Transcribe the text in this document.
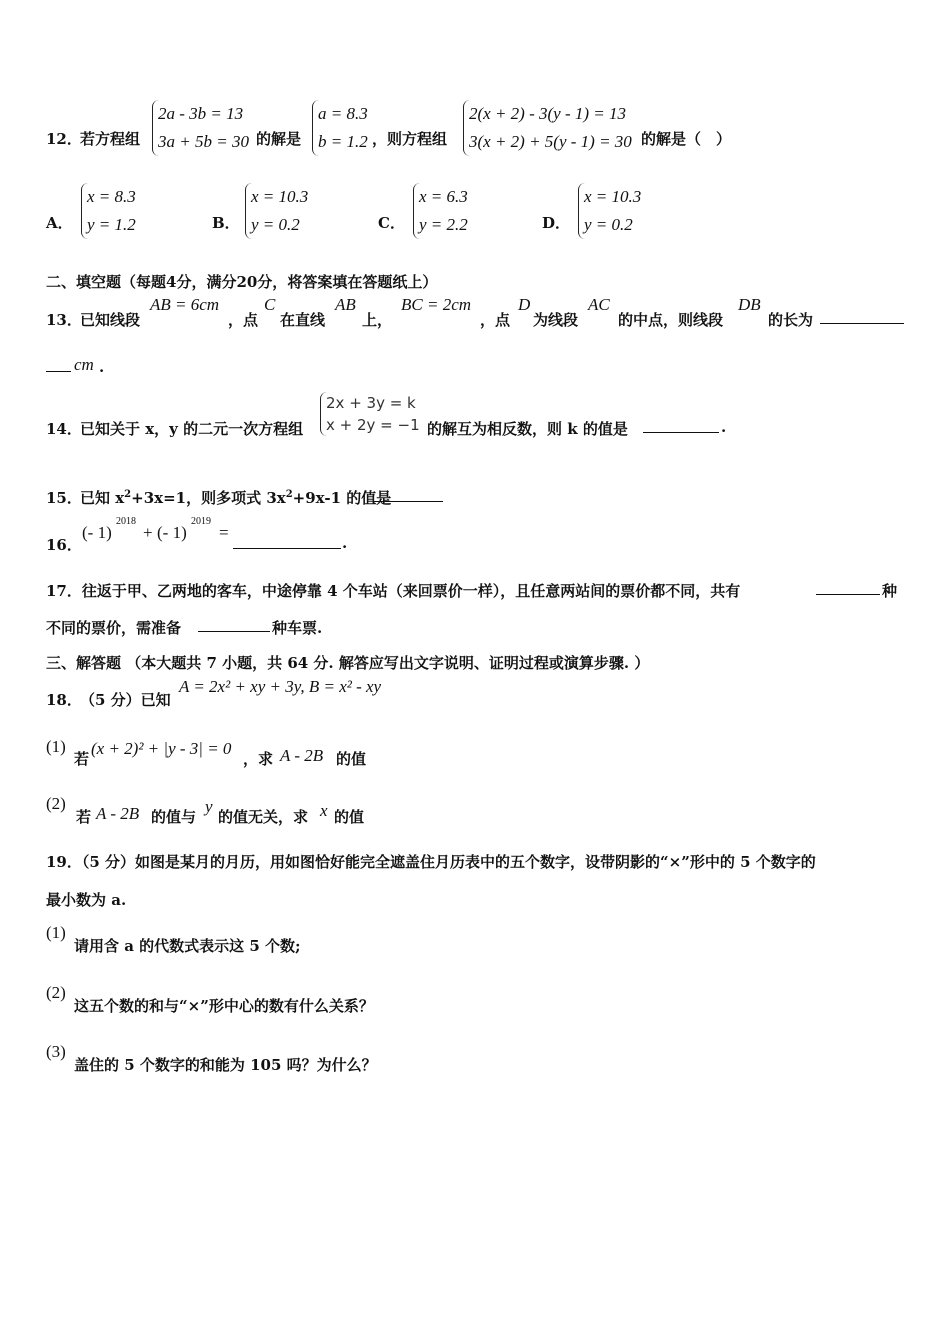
12．
若方程组
2a - 3b = 13
3a + 5b = 30 的解是
a = 8.3
b = 1.2 ，则方程组
2(x + 2) - 3(y - 1) = 13
3(x + 2) + 5(y - 1) = 30 的解是（　）
A．
x = 8.3
y = 1.2	B．
x = 10.3
y = 0.2	C．
x = 6.3
y = 2.2	D．
x = 10.3
y = 0.2
二、填空题（每题4分，满分20分，将答案填在答题纸上）
13．
已知线段
AB = 6cm
，点
C
在直线
AB
上，
BC = 2cm
，点
D
为线段
AC
的中点，则线段
DB
的长为
cm .
14．
已知关于 x，y 的二元一次方程组
2x + 3y = k
x + 2y = −1 的解互为相反数，则 k 的值是	.
15．
已知 $x^2+3x=1$，则多项式 $3x^2+9x-1$ 的值是
16．
(- 1)
2018
+ (- 1)
2019
=
.
17．往返于甲、乙两地的客车，中途停靠 4 个车站（来回票价一样），且任意两站间的票价都不同，共有	种
不同的票价，需准备	种车票.
三、解答题 （本大题共 7 小题，共 64 分. 解答应写出文字说明、证明过程或演算步骤. ）
18．
（5 分）已知
A = 2x² + xy + 3y, B = x² - xy
(1)
若
(x + 2)² + |y - 3| = 0
，求 A - 2B 的值
(2)
若 A - 2B 的值与
y
的值无关，求 x 的值
19．（5 分）如图是某月的月历，用如图恰好能完全遮盖住月历表中的五个数字，设带阴影的“×”形中的 5 个数字的
最小数为 a.
(1)
请用含 a 的代数式表示这 5 个数;
(2)
这五个数的和与“×”形中心的数有什么关系？
(3)
盖住的 5 个数字的和能为 105 吗？为什么？
